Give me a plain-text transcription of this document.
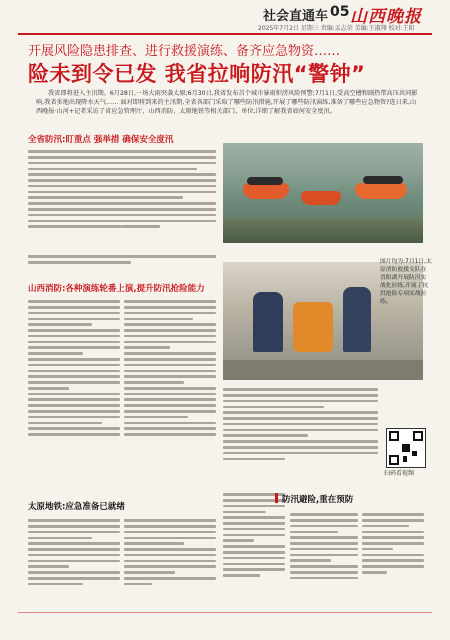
社会直通车 05 山西晚报
2025年7月2日 星期三 责编:孟志荣 美编:王淑翔 校对:王阳
开展风险隐患排查、进行救援演练、备齐应急物资……
险未到令已发 我省拉响防汛“警钟”

我省即将进入主汛期。6月28日,一场大雨突袭太原;6月30日,我省发布首个城市暴雨积涝风险预警;7月1日,受高空槽和副热带高压共同影响,我省多地出现降水天气…… 面对即将到来的主汛期,全省各部门采取了哪些防汛措施,开展了哪些防汛演练,准备了哪些应急物资?连日来,山西晚报·山河+记者采访了省应急管理厅、山西消防、太原地铁等相关部门、单位,详细了解我省如何安全度汛。

全省防汛:盯重点 强举措 确保安全度汛
山西消防:各种演练轮番上演,提升防汛抢险能力
图片均为:7月1日,太原消防救援支队在晋阳湖开展防汛实战化拉练,开展了抗洪抢险专项实战拉练。
太原地铁:应急准备已就绪
扫码看视频
防汛避险,重在预防
